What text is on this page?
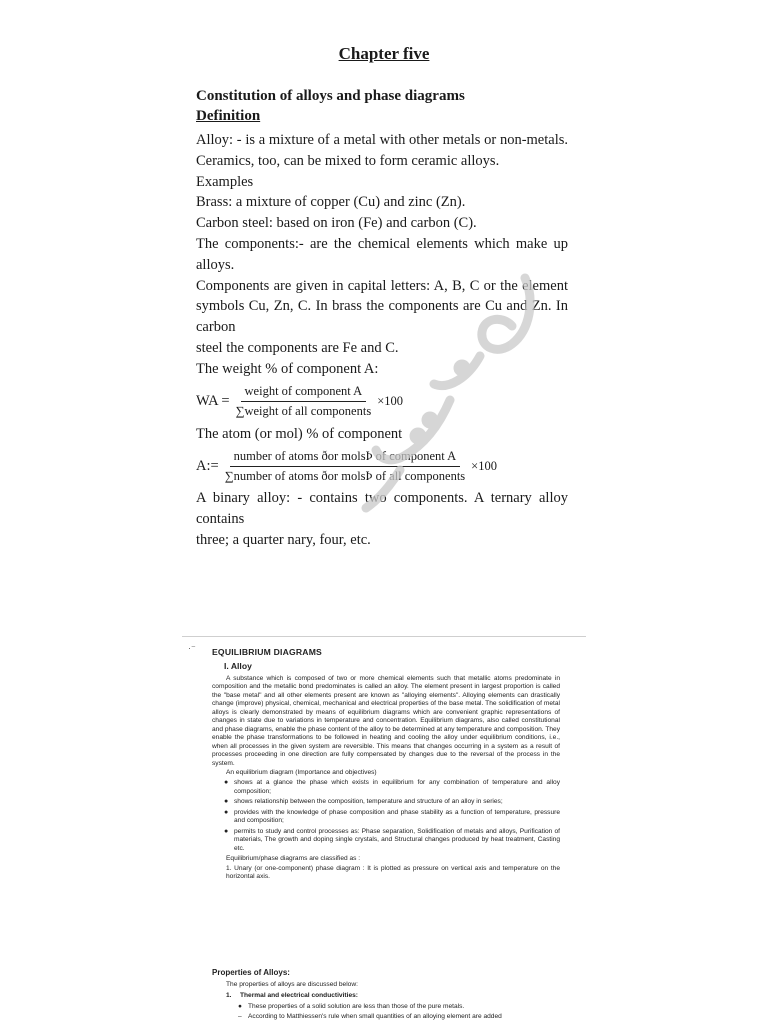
Chapter five
Constitution of alloys and phase diagrams
Definition
Alloy: - is a mixture of a metal with other metals or non-metals.
Ceramics, too, can be mixed to form ceramic alloys.
Examples
Brass: a mixture of copper (Cu) and zinc (Zn).
Carbon steel: based on iron (Fe) and carbon (C).
The components:- are the chemical elements which make up alloys.
Components are given in capital letters: A, B, C or the element
symbols Cu, Zn, C. In brass the components are Cu and Zn. In carbon
steel the components are Fe and C.
The weight % of component A:
WA = $\frac{\text{weight of component A}}{\text{∑weight of all components}} \times 100$
The atom (or mol) % of component
A:= $\frac{\text{number of atoms ðor molsÞ of component A}}{\text{∑number of atoms ðor molsÞ of all components}} \times 100$
A binary alloy: - contains two components. A ternary alloy contains
three; a quarter nary, four, etc.
·⁻ EQUILIBRIUM DIAGRAMS
I. Alloy

A substance which is composed of two or more chemical elements such that metallic atoms predominate in composition and the metallic bond predominates is called an alloy. The element present in largest proportion is called the "base metal" and all other elements present are known as "alloying elements". Alloying elements can drastically change (improve) physical, chemical, mechanical and electrical properties of the base metal. The solidification of metal alloys is clearly demonstrated by means of equilibrium diagrams which are convenient graphic representations of changes in state due to variations in temperature and concentration. Equilibrium diagrams, also called constitutional and phase diagrams, enable the phase content of the alloy to be determined at any temperature and composition. They enable the phase transformations to be followed in heating and cooling the alloy under equilibrium conditions, i.e., when all processes in the given system are reversible. This means that changes occurring in a system as a result of processes proceeding in one direction are fully compensated by changes due to the reversal of the process in the system.

An equilibrium diagram (Importance and objectives)

● shows at a glance the phase which exists in equilibrium for any combination of temperature and alloy composition;
● shows relationship between the composition, temperature and structure of an alloy in series;
● provides with the knowledge of phase composition and phase stability as a function of temperature, pressure and composition;
● permits to study and control processes as: Phase separation, Solidification of metals and alloys, Purification of materials, The growth and doping single crystals, and Structural changes produced by heat treatment, Casting etc.

Equilibrium/phase diagrams are classified as :

1. Unary (or one-component) phase diagram : It is plotted as pressure on vertical axis and temperature on the horizontal axis.

Properties of Alloys:
The properties of alloys are discussed below:
1. Thermal and electrical conductivities:
● These properties of a solid solution are less than those of the pure metals.
– According to Matthiessen's rule when small quantities of an alloying element are added
